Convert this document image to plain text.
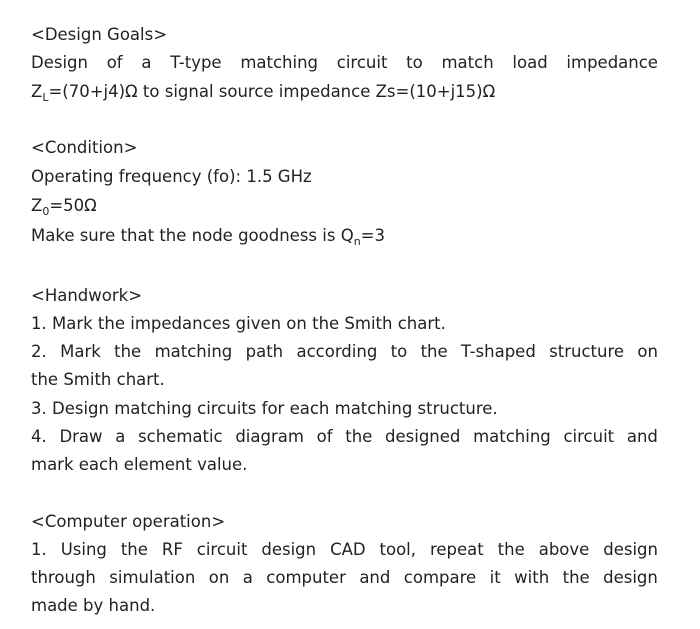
<Design Goals>
Design of a T-type matching circuit to match load impedance
$Z_L=(70+j4)\Omega$ to signal source impedance Zs=(10+j15)Ω
<Condition>
Operating frequency (fo): 1.5 GHz
$Z_0=50\Omega$
Make sure that the node goodness is $Q_n=3$
<Handwork>
1. Mark the impedances given on the Smith chart.
2. Mark the matching path according to the T-shaped structure on
the Smith chart.
3. Design matching circuits for each matching structure.
4. Draw a schematic diagram of the designed matching circuit and
mark each element value.
<Computer operation>
1. Using the RF circuit design CAD tool, repeat the above design
through simulation on a computer and compare it with the design
made by hand.
